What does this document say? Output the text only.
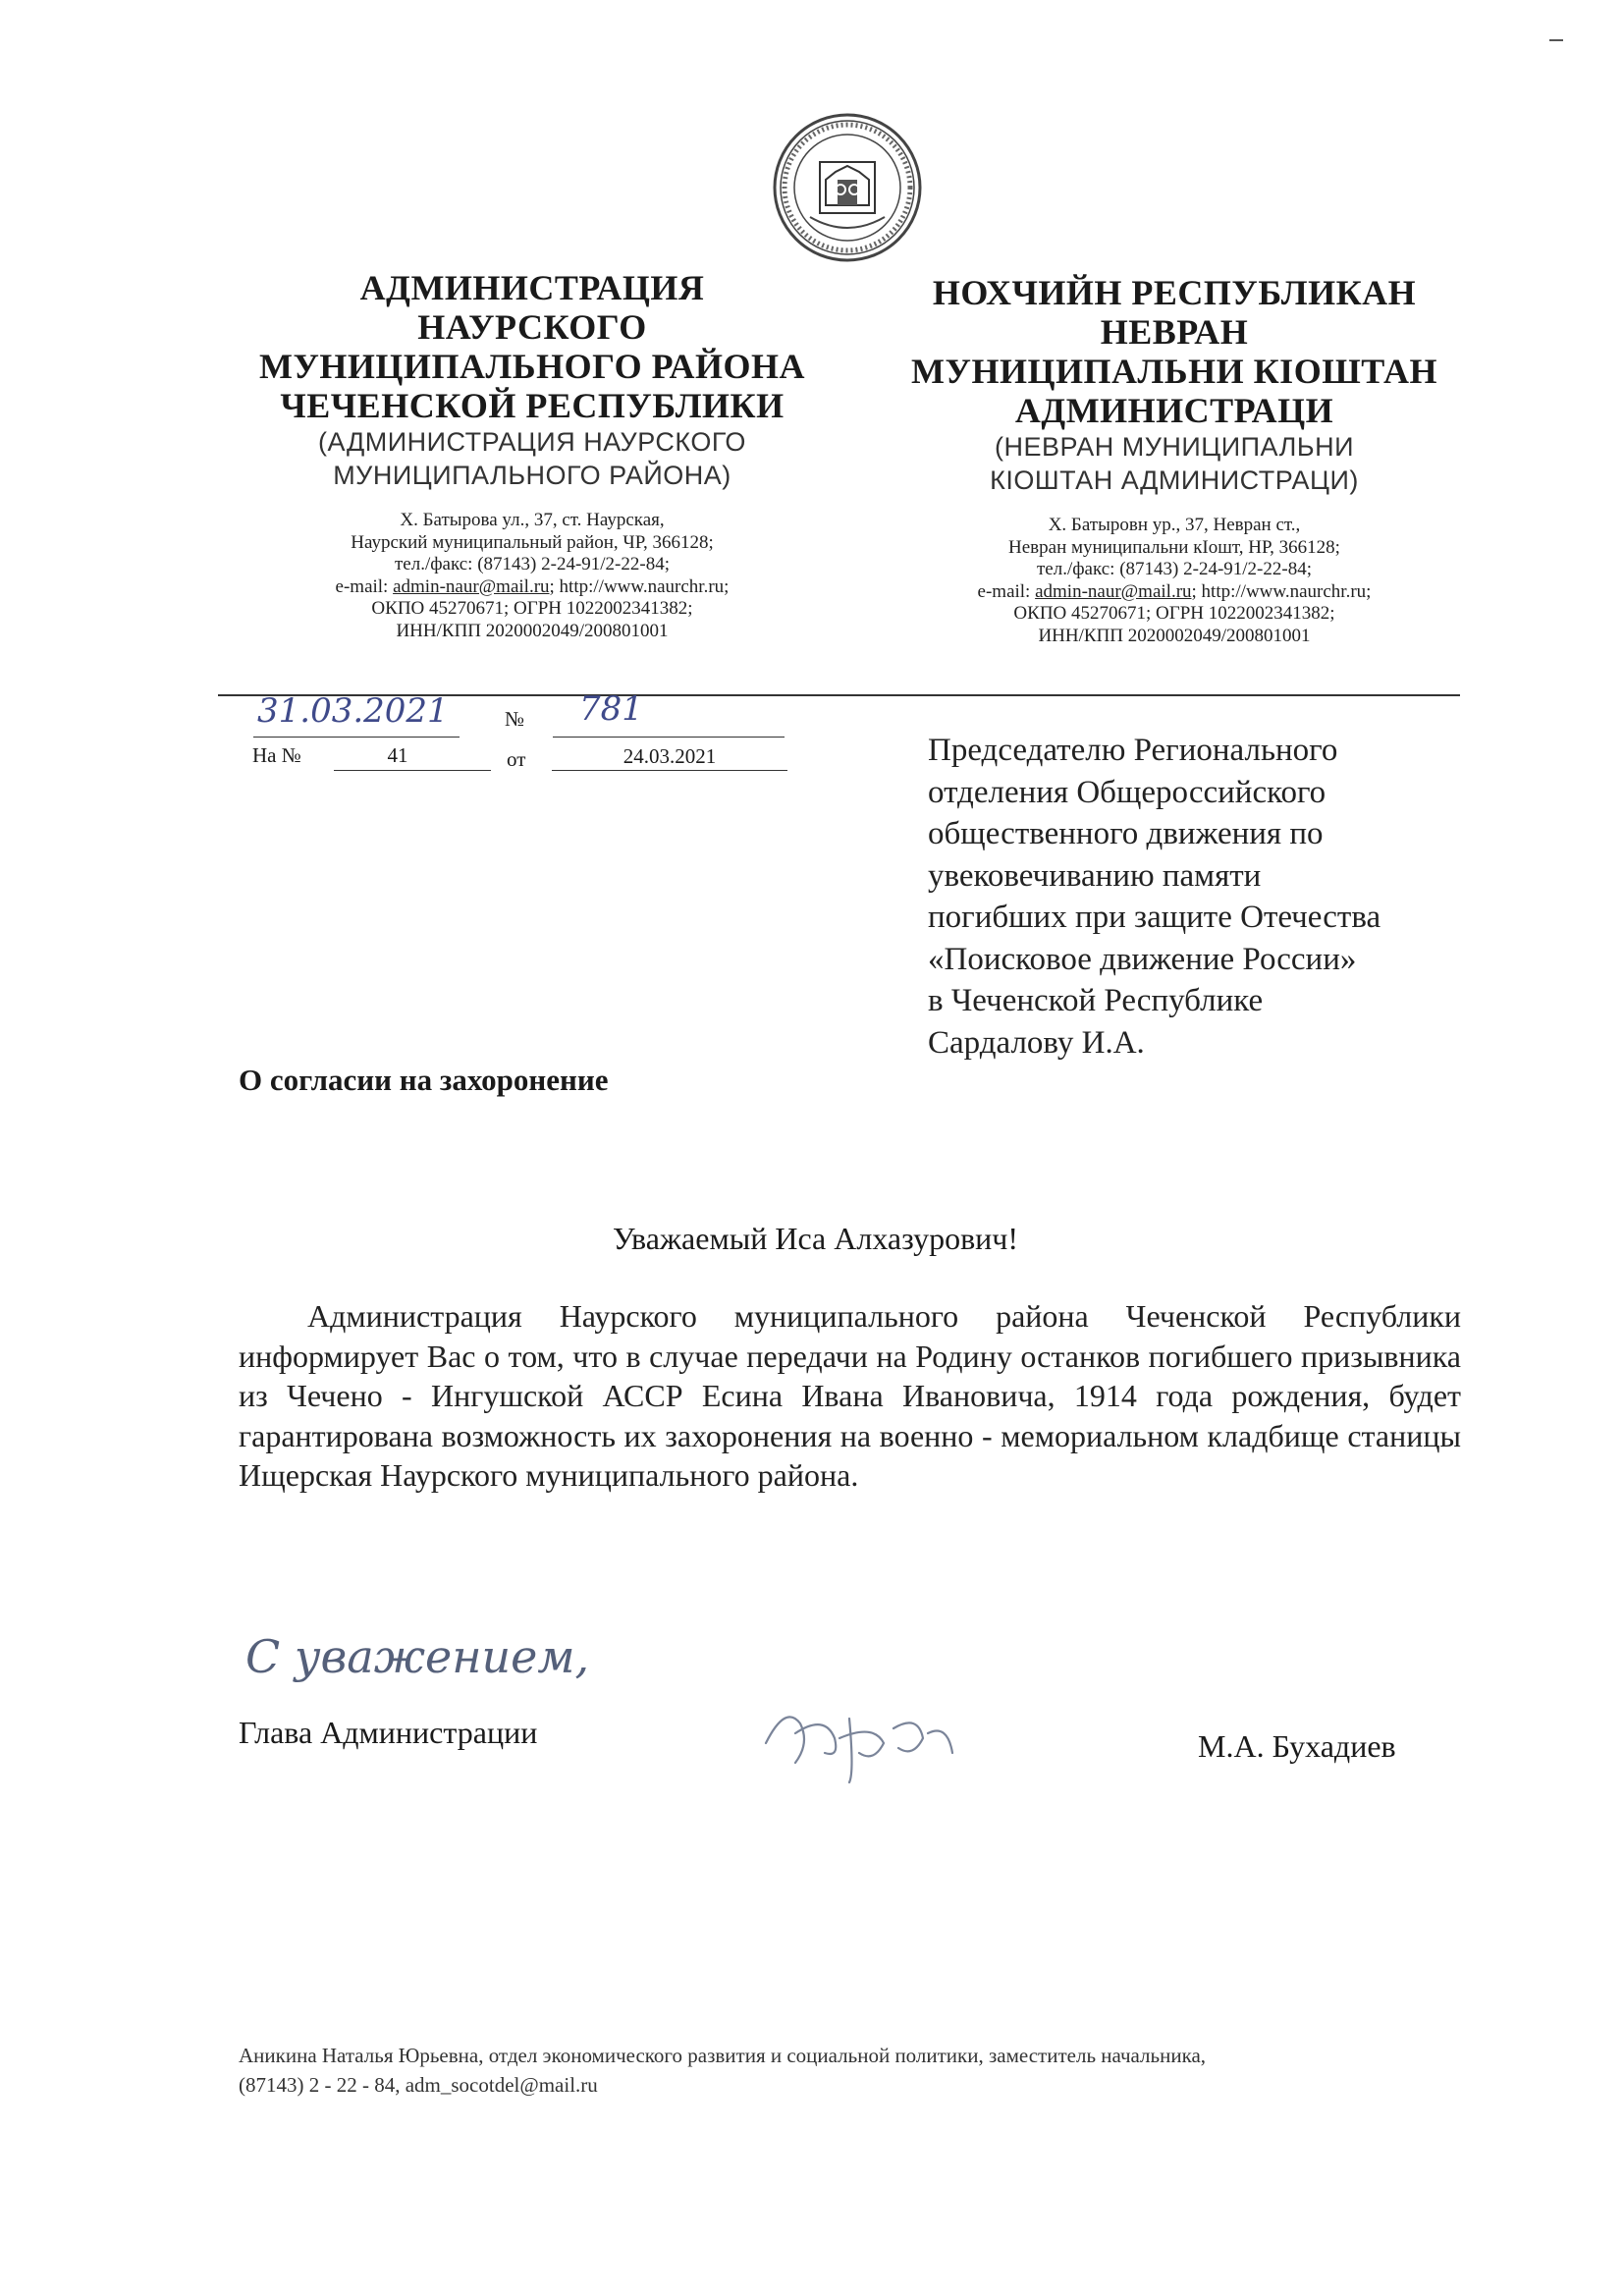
АДМИНИСТРАЦИЯ
НАУРСКОГО
МУНИЦИПАЛЬНОГО РАЙОНА
ЧЕЧЕНСКОЙ РЕСПУБЛИКИ
(АДМИНИСТРАЦИЯ НАУРСКОГО
МУНИЦИПАЛЬНОГО РАЙОНА)
Х. Батырова ул., 37, ст. Наурская,
Наурский муниципальный район, ЧР, 366128;
тел./факс: (87143) 2-24-91/2-22-84;
e-mail: admin-naur@mail.ru; http://www.naurchr.ru;
ОКПО 45270671; ОГРН 1022002341382;
ИНН/КПП 2020002049/200801001
НОХЧИЙН РЕСПУБЛИКАН
НЕВРАН
МУНИЦИПАЛЬНИ КIОШТАН
АДМИНИСТРАЦИ
(НЕВРАН МУНИЦИПАЛЬНИ
КIОШТАН АДМИНИСТРАЦИ)
Х. Батыровн ур., 37, Невран ст.,
Невран муниципальни кIошт, НР, 366128;
тел./факс: (87143) 2-24-91/2-22-84;
e-mail: admin-naur@mail.ru; http://www.naurchr.ru;
ОКПО 45270671; ОГРН 1022002341382;
ИНН/КПП 2020002049/200801001
31.03.2021	№ 781
На №	41	от	24.03.2021	Председателю Регионального
отделения Общероссийского
общественного движения по
увековечиванию памяти
погибших при защите Отечества
«Поисковое движение России»
в Чеченской Республике
Сардалову И.А.
О согласии на захоронение
Уважаемый Иса Алхазурович!
Администрация Наурского муниципального района Чеченской Республики информирует Вас о том, что в случае передачи на Родину останков погибшего призывника из Чечено - Ингушской АССР Есина Ивана Ивановича, 1914 года рождения, будет гарантирована возможность их захоронения на военно - мемориальном кладбище станицы Ищерская Наурского муниципального района.
С уважением,
Глава Администрации	М.А. Бухадиев
Аникина Наталья Юрьевна, отдел экономического развития и социальной политики, заместитель начальника,
(87143) 2 - 22 - 84, adm_socotdel@mail.ru
